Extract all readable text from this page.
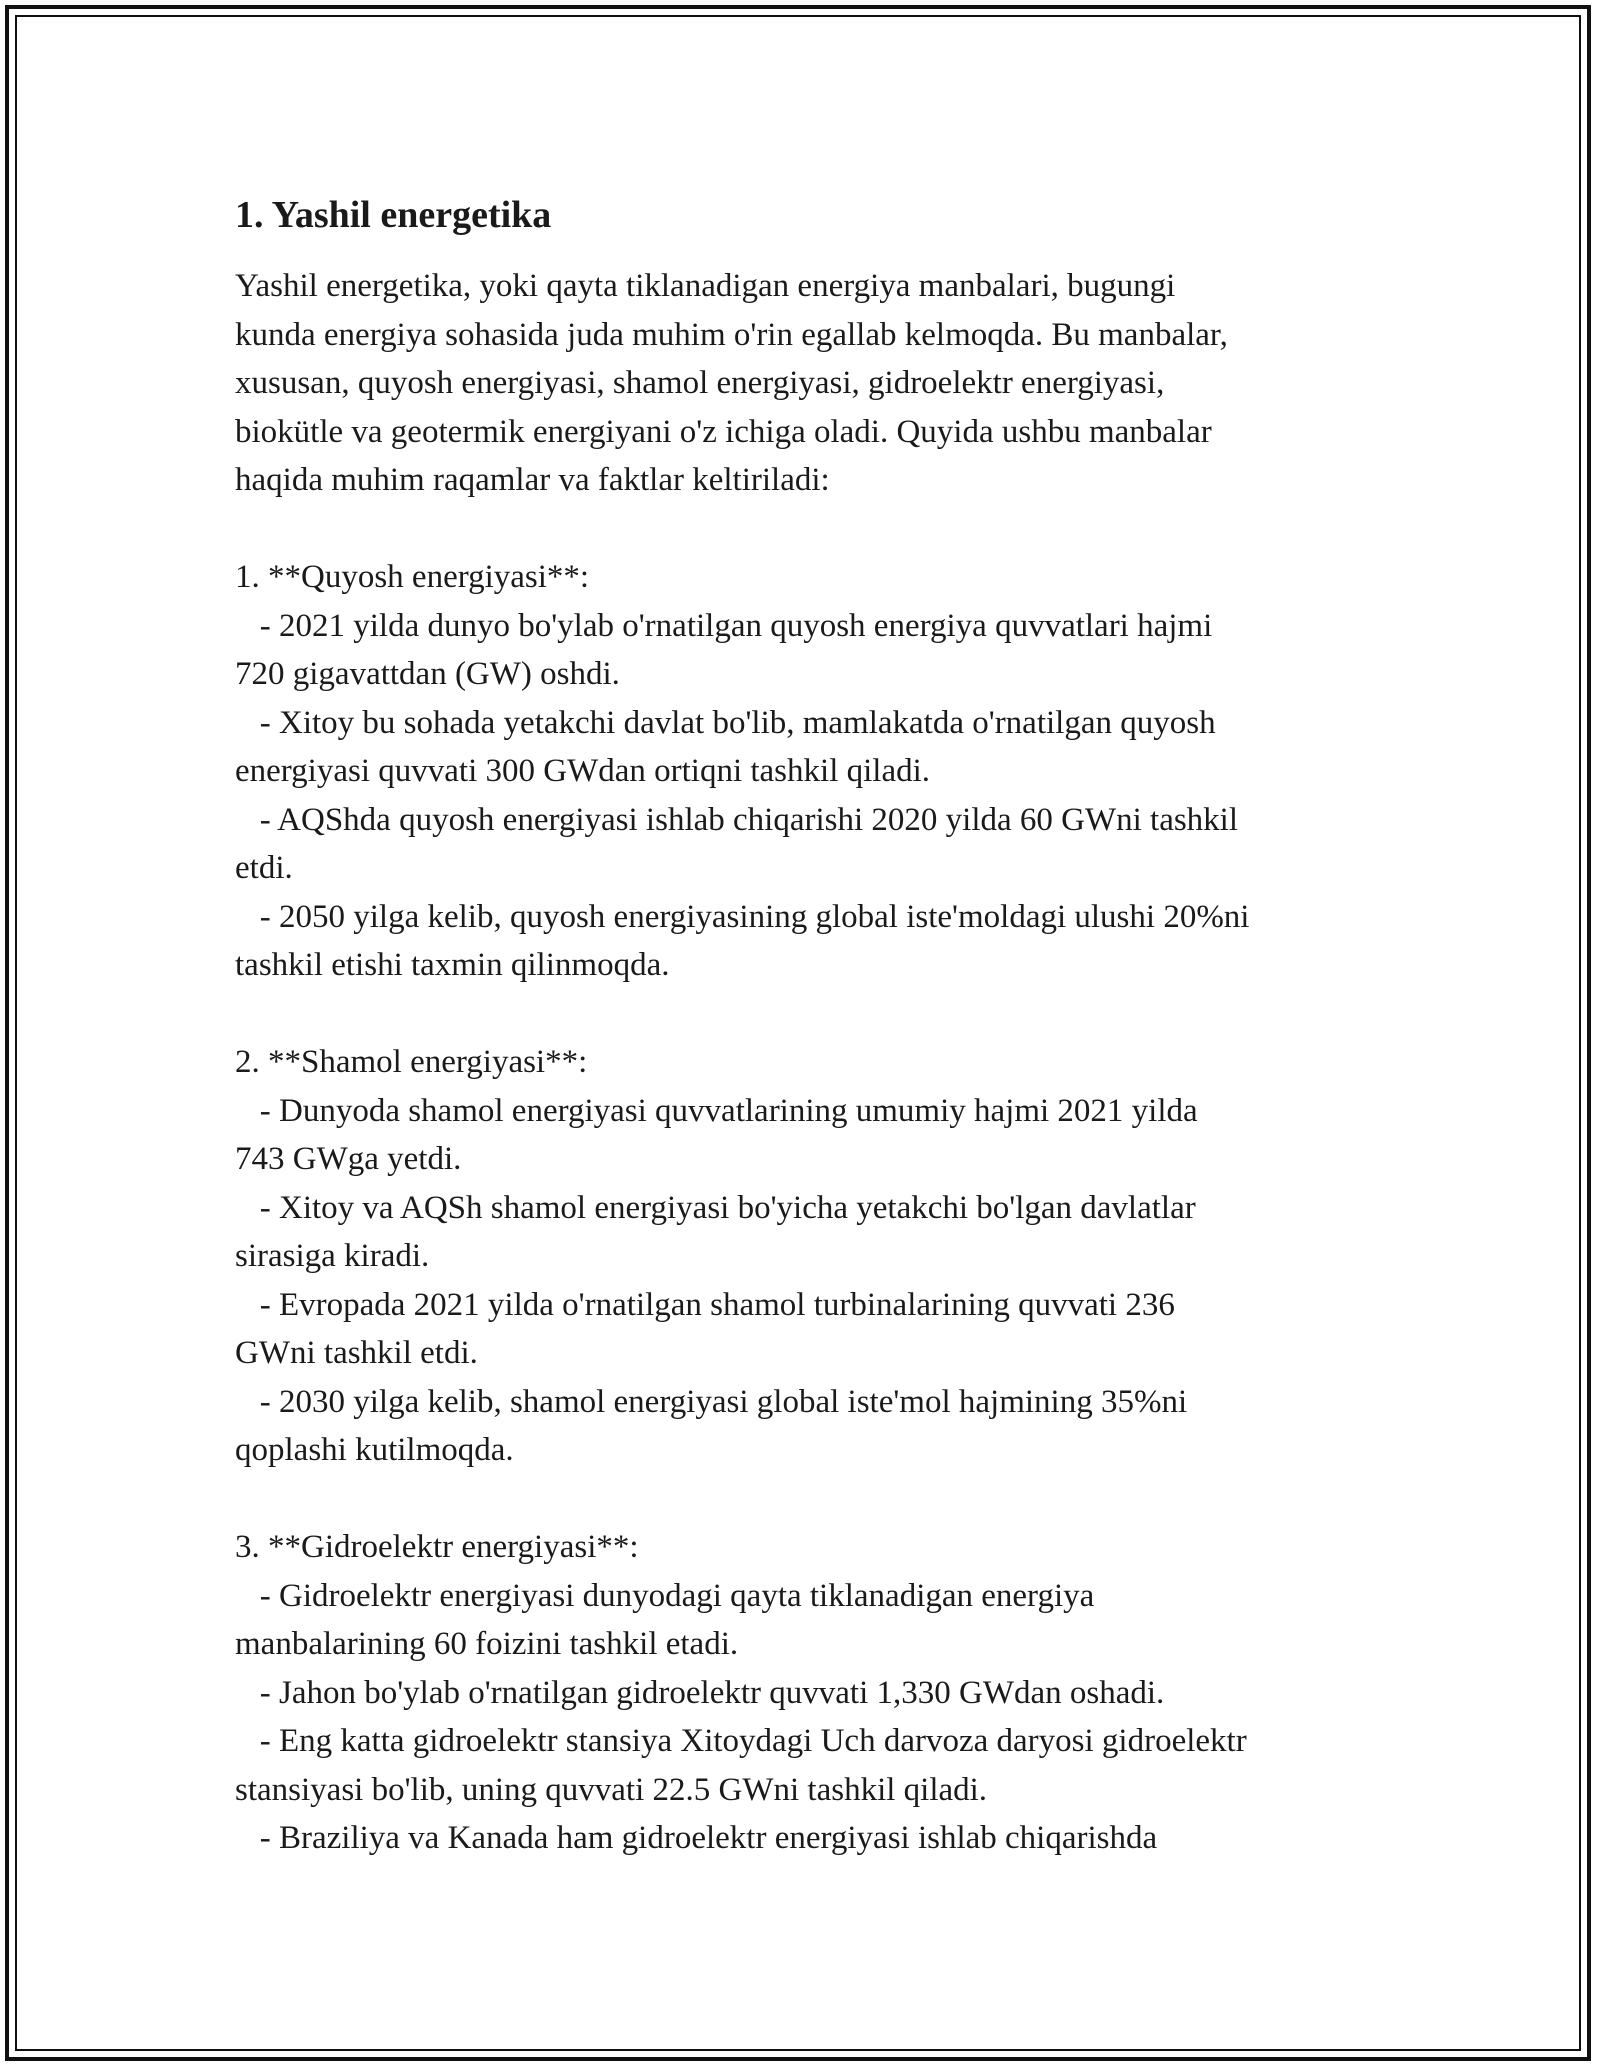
1. Yashil energetika

Yashil energetika, yoki qayta tiklanadigan energiya manbalari, bugungi
kunda energiya sohasida juda muhim o'rin egallab kelmoqda. Bu manbalar,
xususan, quyosh energiyasi, shamol energiyasi, gidroelektr energiyasi,
biokütle va geotermik energiyani o'z ichiga oladi. Quyida ushbu manbalar
haqida muhim raqamlar va faktlar keltiriladi:

1. **Quyosh energiyasi**:
- 2021 yilda dunyo bo'ylab o'rnatilgan quyosh energiya quvvatlari hajmi
720 gigavattdan (GW) oshdi.
- Xitoy bu sohada yetakchi davlat bo'lib, mamlakatda o'rnatilgan quyosh
energiyasi quvvati 300 GWdan ortiqni tashkil qiladi.
- AQShda quyosh energiyasi ishlab chiqarishi 2020 yilda 60 GWni tashkil
etdi.
- 2050 yilga kelib, quyosh energiyasining global iste'moldagi ulushi 20%ni
tashkil etishi taxmin qilinmoqda.

2. **Shamol energiyasi**:
- Dunyoda shamol energiyasi quvvatlarining umumiy hajmi 2021 yilda
743 GWga yetdi.
- Xitoy va AQSh shamol energiyasi bo'yicha yetakchi bo'lgan davlatlar
sirasiga kiradi.
- Evropada 2021 yilda o'rnatilgan shamol turbinalarining quvvati 236
GWni tashkil etdi.
- 2030 yilga kelib, shamol energiyasi global iste'mol hajmining 35%ni
qoplashi kutilmoqda.

3. **Gidroelektr energiyasi**:
- Gidroelektr energiyasi dunyodagi qayta tiklanadigan energiya
manbalarining 60 foizini tashkil etadi.
- Jahon bo'ylab o'rnatilgan gidroelektr quvvati 1,330 GWdan oshadi.
- Eng katta gidroelektr stansiya Xitoydagi Uch darvoza daryosi gidroelektr
stansiyasi bo'lib, uning quvvati 22.5 GWni tashkil qiladi.
- Braziliya va Kanada ham gidroelektr energiyasi ishlab chiqarishda
